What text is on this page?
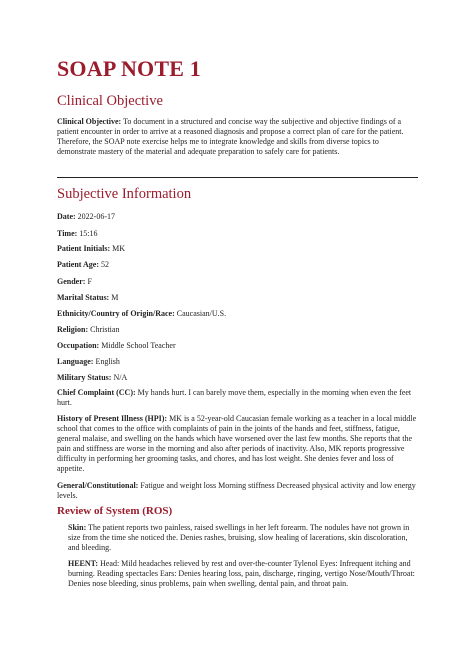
SOAP NOTE 1
Clinical Objective

Clinical Objective: To document in a structured and concise way the subjective and objective findings of a patient encounter in order to arrive at a reasoned diagnosis and propose a correct plan of care for the patient. Therefore, the SOAP note exercise helps me to integrate knowledge and skills from diverse topics to demonstrate mastery of the material and adequate preparation to safely care for patients.

Subjective Information

Date: 2022-06-17

Time: 15:16

Patient Initials: MK

Patient Age: 52

Gender: F

Marital Status: M

Ethnicity/Country of Origin/Race: Caucasian/U.S.

Religion: Christian

Occupation: Middle School Teacher

Language: English

Military Status: N/A

Chief Complaint (CC): My hands hurt. I can barely move them, especially in the morning when even the feet hurt.

History of Present Illness (HPI): MK is a 52-year-old Caucasian female working as a teacher in a local middle school that comes to the office with complaints of pain in the joints of the hands and feet, stiffness, fatigue, general malaise, and swelling on the hands which have worsened over the last few months. She reports that the pain and stiffness are worse in the morning and also after periods of inactivity. Also, MK reports progressive difficulty in performing her grooming tasks, and chores, and has lost weight. She denies fever and loss of appetite.

General/Constitutional: Fatigue and weight loss Morning stiffness Decreased physical activity and low energy levels.

Review of System (ROS)

Skin: The patient reports two painless, raised swellings in her left forearm. The nodules have not grown in size from the time she noticed the. Denies rashes, bruising, slow healing of lacerations, skin discoloration, and bleeding.

HEENT: Head: Mild headaches relieved by rest and over-the-counter Tylenol Eyes: Infrequent itching and burning. Reading spectacles Ears: Denies hearing loss, pain, discharge, ringing, vertigo Nose/Mouth/Throat: Denies nose bleeding, sinus problems, pain when swelling, dental pain, and throat pain.
